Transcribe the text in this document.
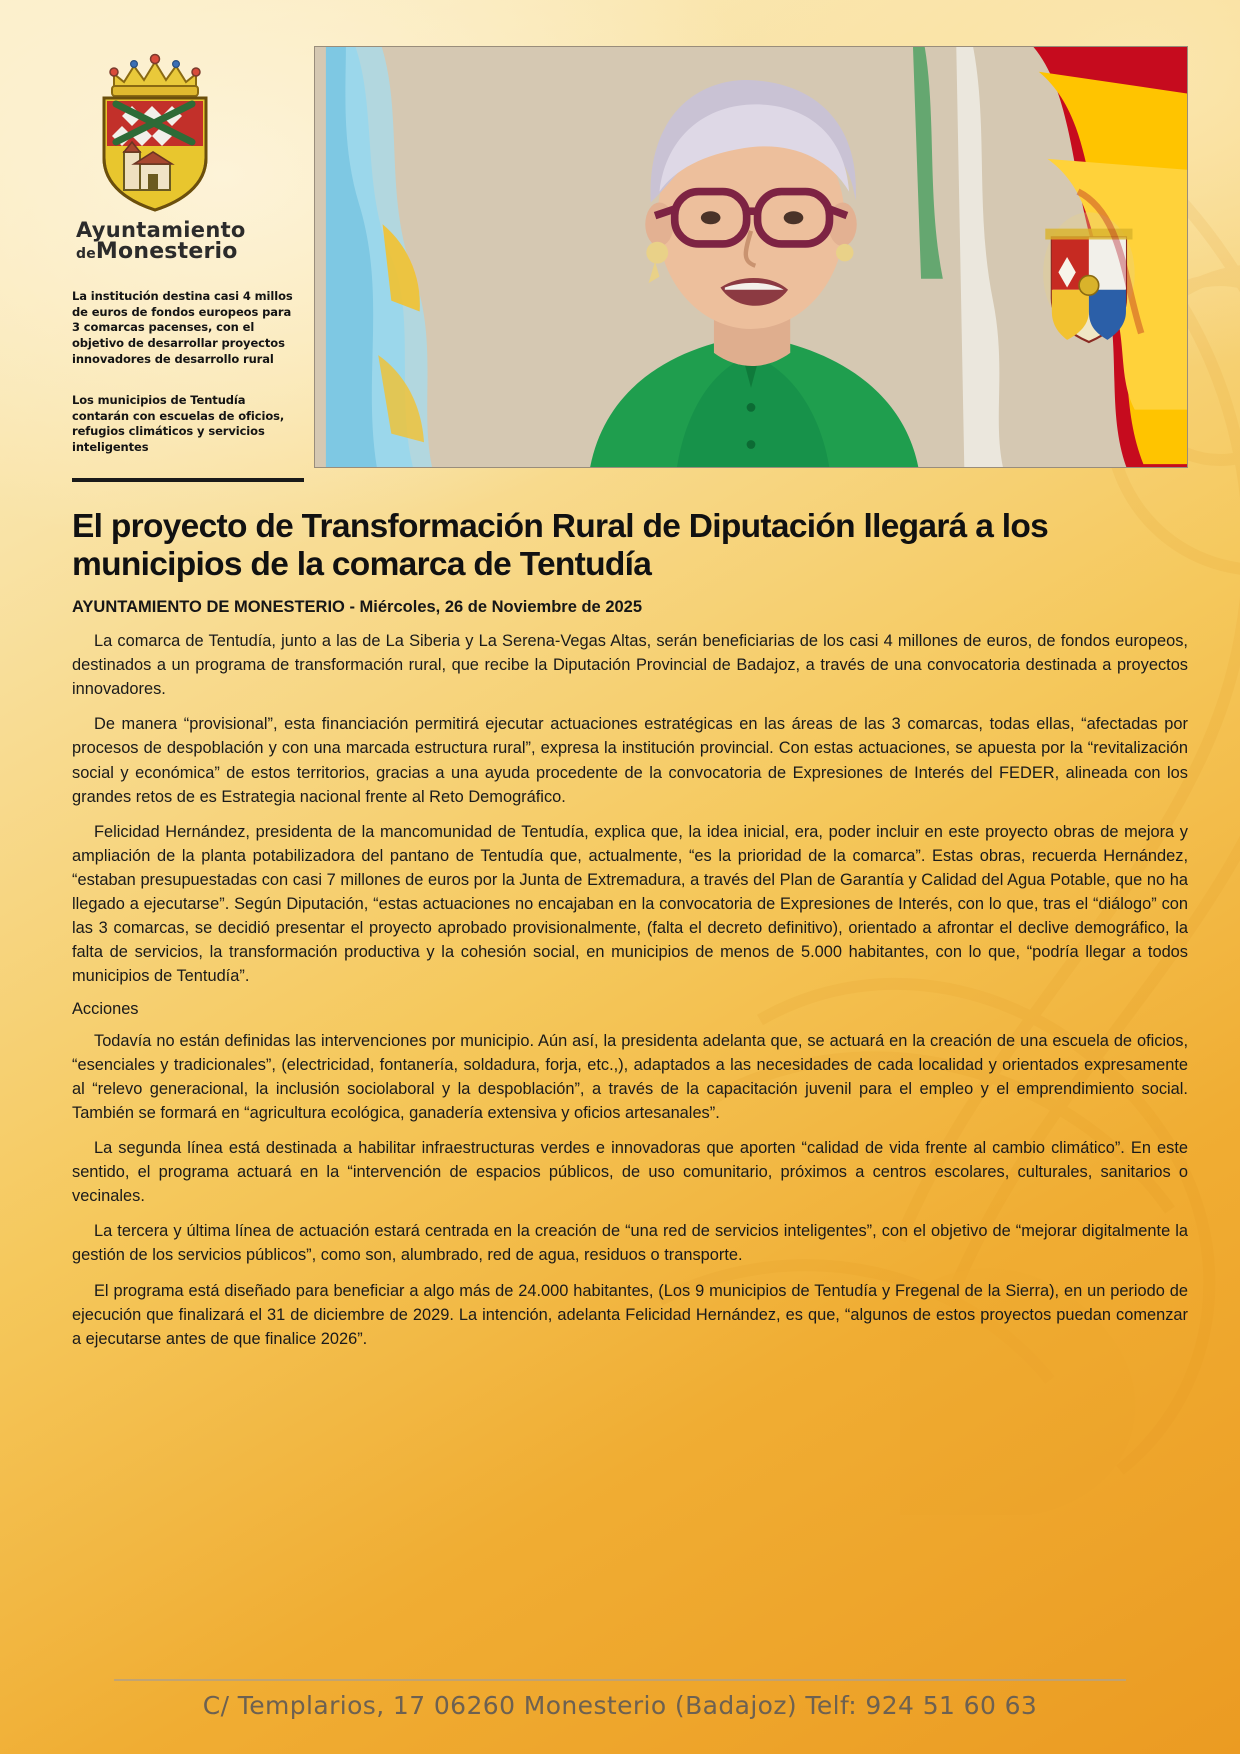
Ayuntamiento
deMonesterio
La institución destina casi 4 millos de euros de fondos europeos para 3 comarcas pacenses, con el objetivo de desarrollar proyectos innovadores de desarrollo rural
Los municipios de Tentudía contarán con escuelas de oficios, refugios climáticos y servicios inteligentes
El proyecto de Transformación Rural de Diputación llegará a los municipios de la comarca de Tentudía
AYUNTAMIENTO DE MONESTERIO - Miércoles, 26 de Noviembre de 2025

La comarca de Tentudía, junto a las de La Siberia y La Serena-Vegas Altas, serán beneficiarias de los casi 4 millones de euros, de fondos europeos, destinados a un programa de transformación rural, que recibe la Diputación Provincial de Badajoz, a través de una convocatoria destinada a proyectos innovadores.

De manera “provisional”, esta financiación permitirá ejecutar actuaciones estratégicas en las áreas de las 3 comarcas, todas ellas, “afectadas por procesos de despoblación y con una marcada estructura rural”, expresa la institución provincial. Con estas actuaciones, se apuesta por la “revitalización social y económica” de estos territorios, gracias a una ayuda procedente de la convocatoria de Expresiones de Interés del FEDER, alineada con los grandes retos de es Estrategia nacional frente al Reto Demográfico.

Felicidad Hernández, presidenta de la mancomunidad de Tentudía, explica que, la idea inicial, era, poder incluir en este proyecto obras de mejora y ampliación de la planta potabilizadora del pantano de Tentudía que, actualmente, “es la prioridad de la comarca”. Estas obras, recuerda Hernández, “estaban presupuestadas con casi 7 millones de euros por la Junta de Extremadura, a través del Plan de Garantía y Calidad del Agua Potable, que no ha llegado a ejecutarse”. Según Diputación, “estas actuaciones no encajaban en la convocatoria de Expresiones de Interés, con lo que, tras el “diálogo” con las 3 comarcas, se decidió presentar el proyecto aprobado provisionalmente, (falta el decreto definitivo), orientado a afrontar el declive demográfico, la falta de servicios, la transformación productiva y la cohesión social, en municipios de menos de 5.000 habitantes, con lo que, “podría llegar a todos municipios de Tentudía”.

Acciones

Todavía no están definidas las intervenciones por municipio. Aún así, la presidenta adelanta que, se actuará en la creación de una escuela de oficios, “esenciales y tradicionales”, (electricidad, fontanería, soldadura, forja, etc.,), adaptados a las necesidades de cada localidad y orientados expresamente al “relevo generacional, la inclusión sociolaboral y la despoblación”, a través de la capacitación juvenil para el empleo y el emprendimiento social. También se formará en “agricultura ecológica, ganadería extensiva y oficios artesanales”.

La segunda línea está destinada a habilitar infraestructuras verdes e innovadoras que aporten “calidad de vida frente al cambio climático”. En este sentido, el programa actuará en la “intervención de espacios públicos, de uso comunitario, próximos a centros escolares, culturales, sanitarios o vecinales.

La tercera y última línea de actuación estará centrada en la creación de “una red de servicios inteligentes”, con el objetivo de “mejorar digitalmente la gestión de los servicios públicos”, como son, alumbrado, red de agua, residuos o transporte.

El programa está diseñado para beneficiar a algo más de 24.000 habitantes, (Los 9 municipios de Tentudía y Fregenal de la Sierra), en un periodo de ejecución que finalizará el 31 de diciembre de 2029. La intención, adelanta Felicidad Hernández, es que, “algunos de estos proyectos puedan comenzar a ejecutarse antes de que finalice 2026”.

C/ Templarios, 17 06260 Monesterio (Badajoz) Telf: 924 51 60 63
